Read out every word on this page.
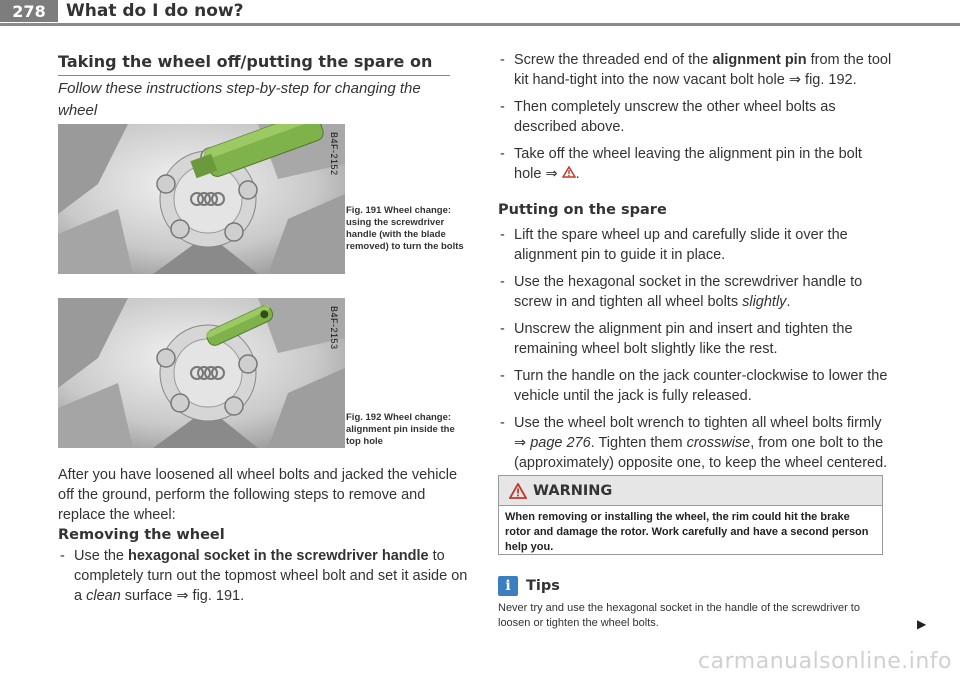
278	What do I do now?
Taking the wheel off/putting the spare on
Follow these instructions step-by-step for changing the wheel
B4F-2152
Fig. 191 Wheel change: using the screwdriver handle (with the blade removed) to turn the bolts
B4F-2153
Fig. 192 Wheel change: alignment pin inside the top hole
After you have loosened all wheel bolts and jacked the vehicle off the ground, perform the following steps to remove and replace the wheel:
Removing the wheel
- Use the hexagonal socket in the screwdriver handle to completely turn out the topmost wheel bolt and set it aside on a clean surface ⇒ fig. 191.
- Screw the threaded end of the alignment pin from the tool kit hand-tight into the now vacant bolt hole ⇒ fig. 192.
- Then completely unscrew the other wheel bolts as described above.
- Take off the wheel leaving the alignment pin in the bolt hole ⇒ .
Putting on the spare
- Lift the spare wheel up and carefully slide it over the alignment pin to guide it in place.
- Use the hexagonal socket in the screwdriver handle to screw in and tighten all wheel bolts slightly.
- Unscrew the alignment pin and insert and tighten the remaining wheel bolt slightly like the rest.
- Turn the handle on the jack counter-clockwise to lower the vehicle until the jack is fully released.
- Use the wheel bolt wrench to tighten all wheel bolts firmly ⇒ page 276. Tighten them crosswise, from one bolt to the (approximately) opposite one, to keep the wheel centered.
WARNING
When removing or installing the wheel, the rim could hit the brake rotor and damage the rotor. Work carefully and have a second person help you.
i	Tips
Never try and use the hexagonal socket in the handle of the screwdriver to loosen or tighten the wheel bolts.	▶
carmanualsonline.info
